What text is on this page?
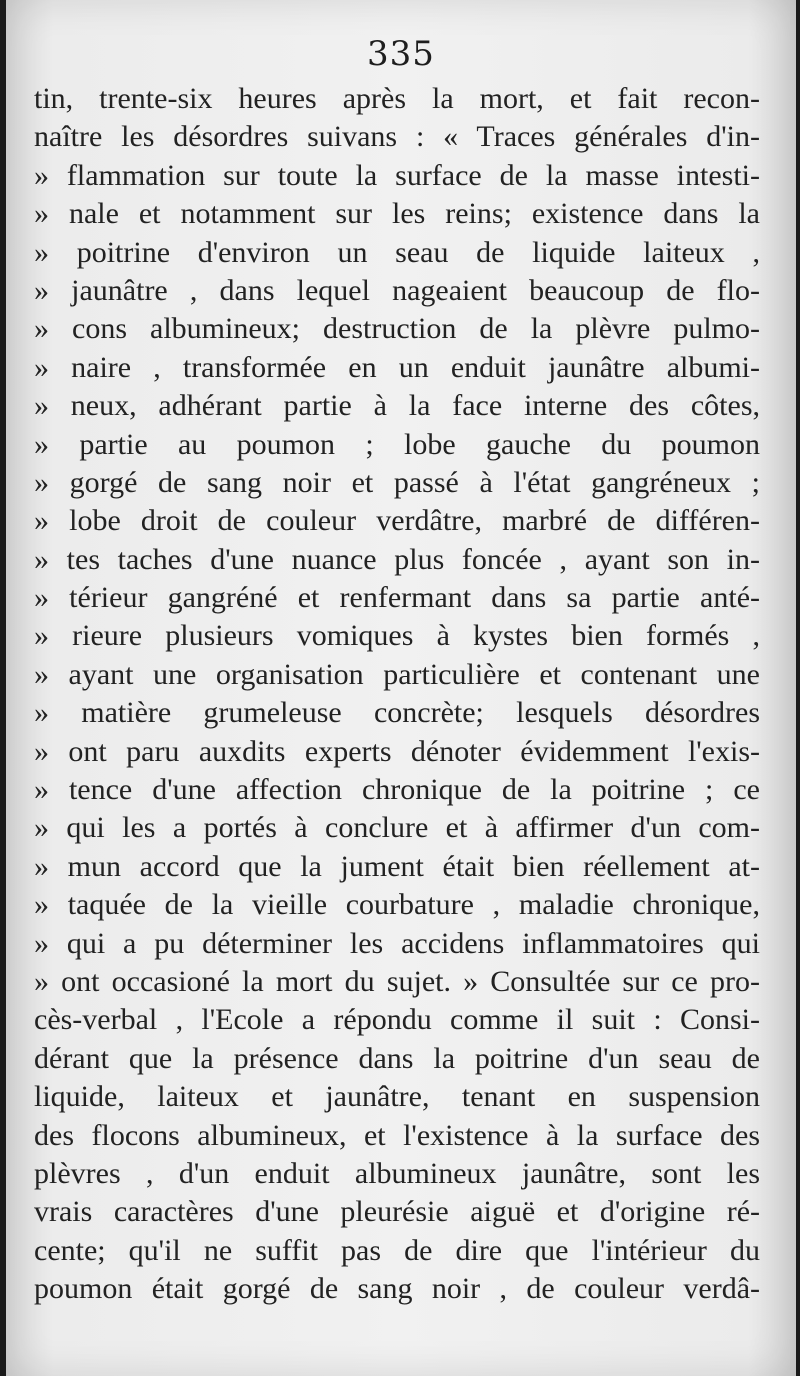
335
tin, trente-six heures après la mort, et fait recon-
naître les désordres suivans : « Traces générales d'in-
» flammation sur toute la surface de la masse intesti-
» nale et notamment sur les reins; existence dans la
» poitrine d'environ un seau de liquide laiteux ,
» jaunâtre , dans lequel nageaient beaucoup de flo-
» cons albumineux; destruction de la plèvre pulmo-
» naire , transformée en un enduit jaunâtre albumi-
» neux, adhérant partie à la face interne des côtes,
» partie au poumon ; lobe gauche du poumon
» gorgé de sang noir et passé à l'état gangréneux ;
» lobe droit de couleur verdâtre, marbré de différen-
» tes taches d'une nuance plus foncée , ayant son in-
» térieur gangréné et renfermant dans sa partie anté-
» rieure plusieurs vomiques à kystes bien formés ,
» ayant une organisation particulière et contenant une
» matière grumeleuse concrète; lesquels désordres
» ont paru auxdits experts dénoter évidemment l'exis-
» tence d'une affection chronique de la poitrine ; ce
» qui les a portés à conclure et à affirmer d'un com-
» mun accord que la jument était bien réellement at-
» taquée de la vieille courbature , maladie chronique,
» qui a pu déterminer les accidens inflammatoires qui
» ont occasioné la mort du sujet. » Consultée sur ce pro-
cès-verbal , l'Ecole a répondu comme il suit : Consi-
dérant que la présence dans la poitrine d'un seau de
liquide, laiteux et jaunâtre, tenant en suspension
des flocons albumineux, et l'existence à la surface des
plèvres , d'un enduit albumineux jaunâtre, sont les
vrais caractères d'une pleurésie aiguë et d'origine ré-
cente; qu'il ne suffit pas de dire que l'intérieur du
poumon était gorgé de sang noir , de couleur verdâ-
